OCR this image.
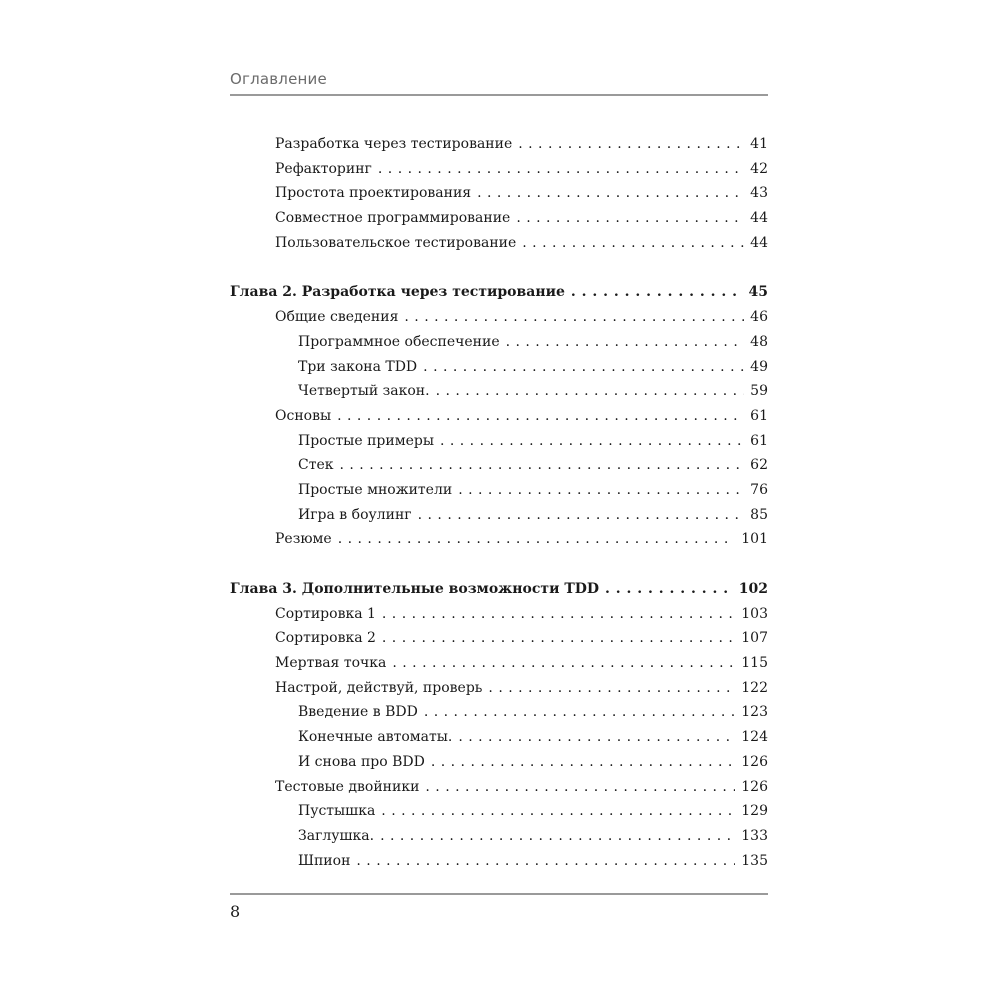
Оглавление
Разработка через тестирование . . .	41
Рефакторинг . . .	42
Простота проектирования . . .	43
Совместное программирование . . .	44
Пользовательское тестирование . . .	44
Глава 2. Разработка через тестирование . . .	45
Общие сведения . . .	46
Программное обеспечение . . .	48
Три закона TDD . . .	49
Четвертый закон. . . .	59
Основы . . .	61
Простые примеры . . .	61
Стек . . .	62
Простые множители . . .	76
Игра в боулинг . . .	85
Резюме . . .	101
Глава 3. Дополнительные возможности TDD . . .	102
Сортировка 1 . . .	103
Сортировка 2 . . .	107
Мертвая точка . . .	115
Настрой, действуй, проверь . . .	122
Введение в BDD . . .	123
Конечные автоматы. . . .	124
И снова про BDD . . .	126
Тестовые двойники . . .	126
Пустышка . . .	129
Заглушка. . . .	133
Шпион . . .	135
8
